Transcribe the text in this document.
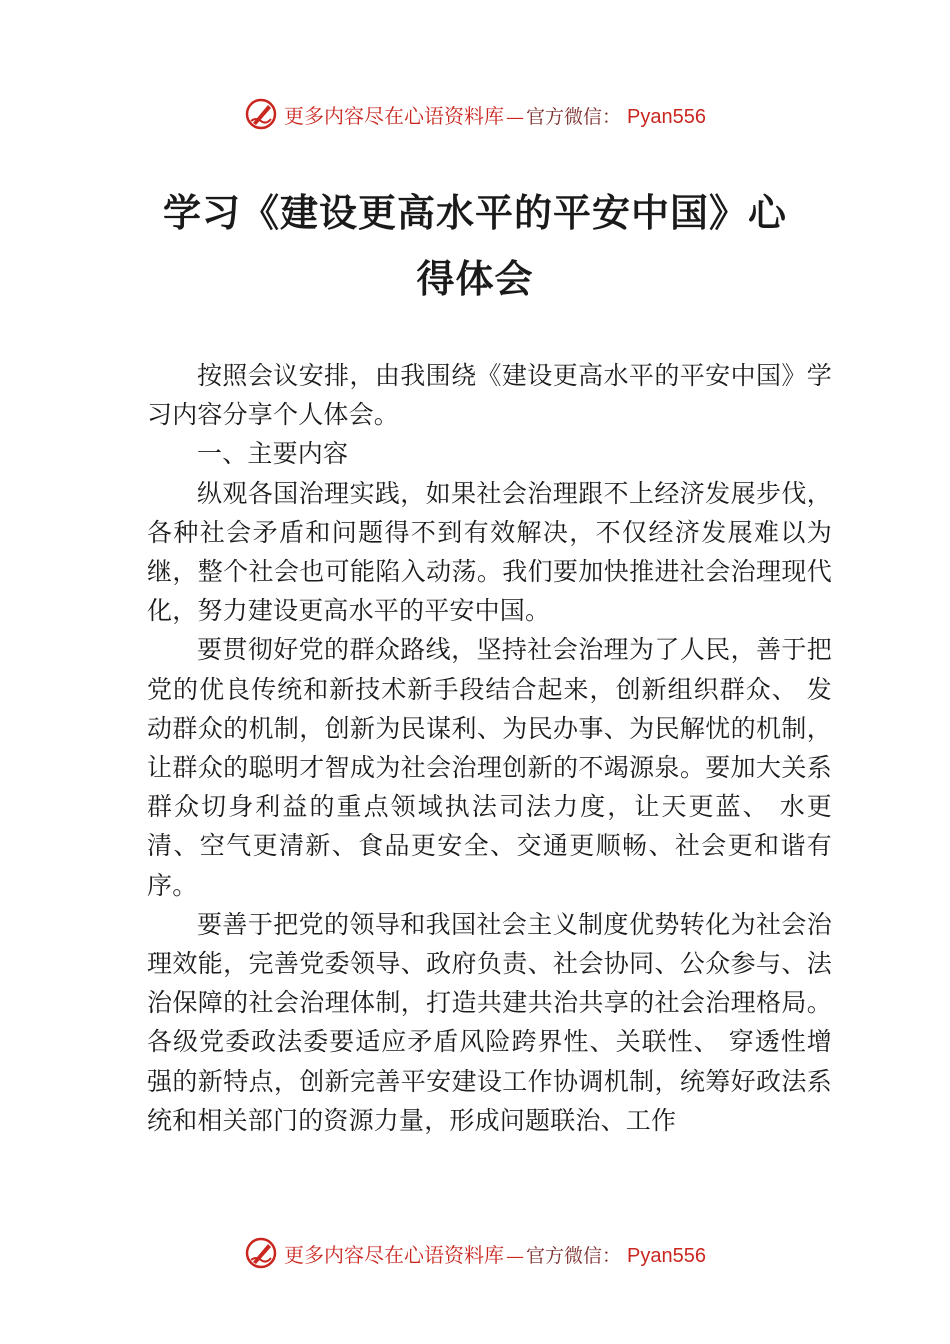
更多内容尽在心语资料库 — 官方微信： Pyan556
学习《建设更高水平的平安中国》心得体会

按照会议安排，由我围绕《建设更高水平的平安中国》学习内容分享个人体会。

一、主要内容

纵观各国治理实践，如果社会治理跟不上经济发展步伐，各种社会矛盾和问题得不到有效解决，不仅经济发展难以为继，整个社会也可能陷入动荡。我们要加快推进社会治理现代化，努力建设更高水平的平安中国。

要贯彻好党的群众路线，坚持社会治理为了人民，善于把党的优良传统和新技术新手段结合起来，创新组织群众、 发动群众的机制，创新为民谋利、为民办事、为民解忧的机制，让群众的聪明才智成为社会治理创新的不竭源泉。要加大关系群众切身利益的重点领域执法司法力度，让天更蓝、 水更清、空气更清新、食品更安全、交通更顺畅、社会更和谐有序。

要善于把党的领导和我国社会主义制度优势转化为社会治理效能，完善党委领导、政府负责、社会协同、公众参与、法治保障的社会治理体制，打造共建共治共享的社会治理格局。各级党委政法委要适应矛盾风险跨界性、关联性、 穿透性增强的新特点，创新完善平安建设工作协调机制，统筹好政法系统和相关部门的资源力量，形成问题联治、工作

更多内容尽在心语资料库 — 官方微信： Pyan556
